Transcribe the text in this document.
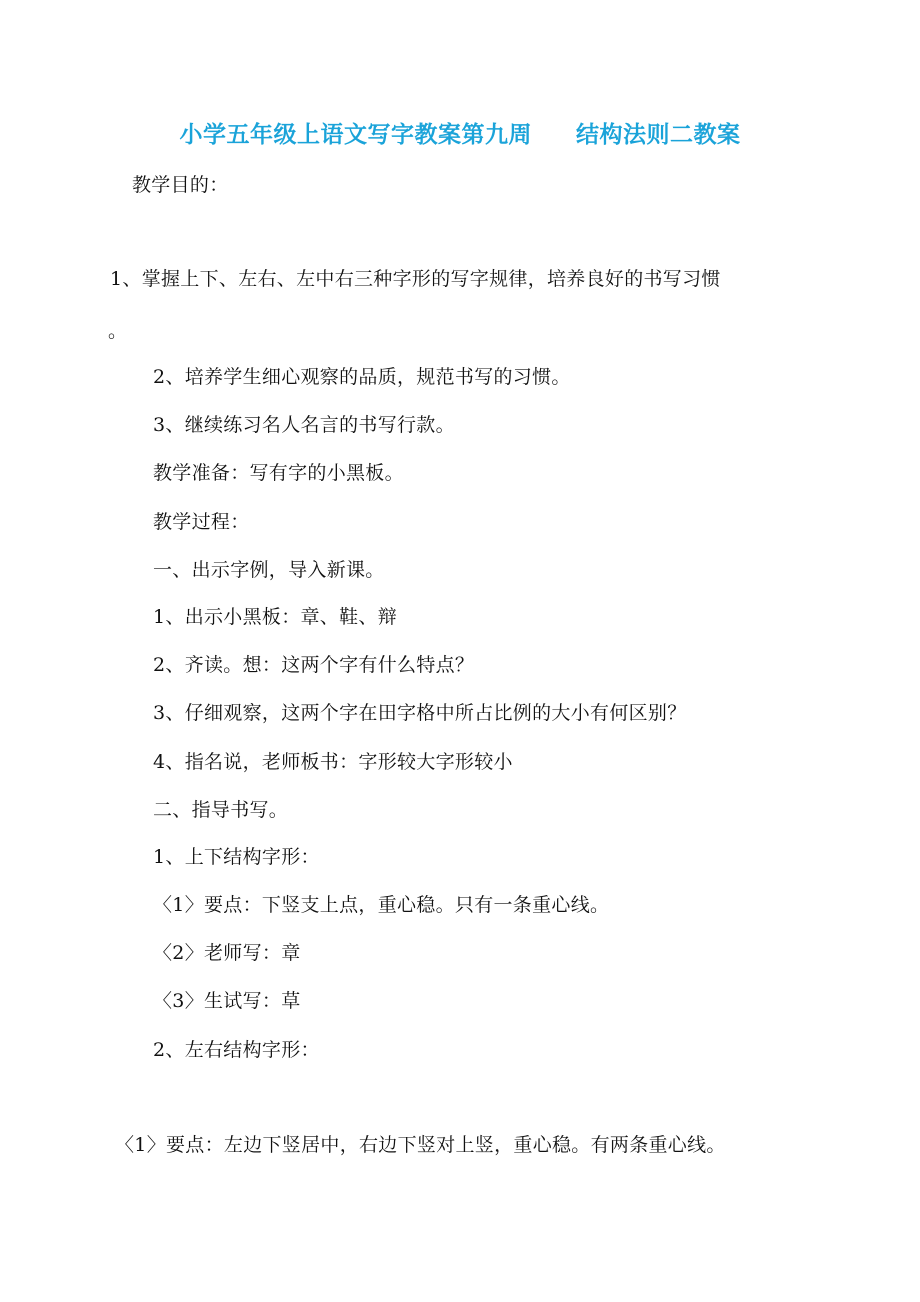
小学五年级上语文写字教案第九周 结构法则二教案
教学目的：
1、掌握上下、左右、左中右三种字形的写字规律，培养良好的书写习惯
。
2、培养学生细心观察的品质，规范书写的习惯。
3、继续练习名人名言的书写行款。
教学准备：写有字的小黑板。
教学过程：
一、出示字例，导入新课。
1、出示小黑板：章、鞋、辩
2、齐读。想：这两个字有什么特点？
3、仔细观察，这两个字在田字格中所占比例的大小有何区别？
4、指名说，老师板书：字形较大字形较小
二、指导书写。
1、上下结构字形：
〈1〉要点：下竖支上点，重心稳。只有一条重心线。
〈2〉老师写：章
〈3〉生试写：草
2、左右结构字形：
〈1〉要点：左边下竖居中，右边下竖对上竖，重心稳。有两条重心线。
